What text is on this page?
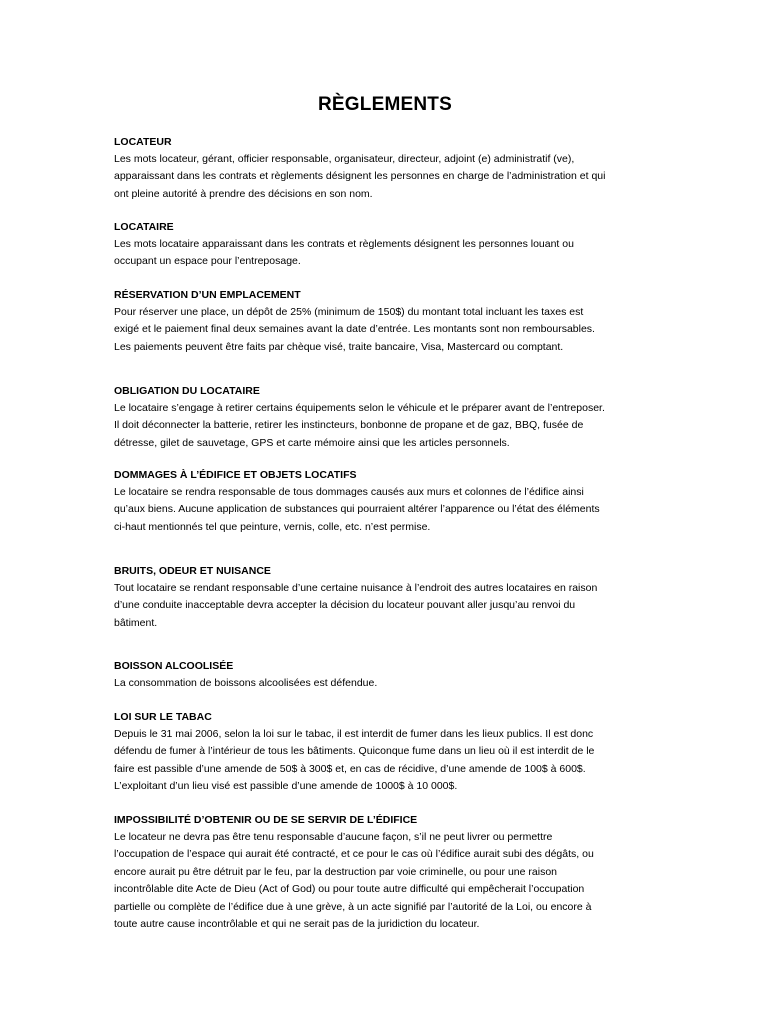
RÈGLEMENTS

LOCATEUR

Les mots locateur, gérant, officier responsable, organisateur, directeur, adjoint (e) administratif (ve),
apparaissant dans les contrats et règlements désignent les personnes en charge de l’administration et qui
ont pleine autorité à prendre des décisions en son nom.

LOCATAIRE

Les mots locataire apparaissant dans les contrats et règlements désignent les personnes louant ou
occupant un espace pour l’entreposage.

RÉSERVATION D’UN EMPLACEMENT

Pour réserver une place, un dépôt de 25% (minimum de 150$) du montant total incluant les taxes est
exigé et le paiement final deux semaines avant la date d’entrée. Les montants sont non remboursables.
Les paiements peuvent être faits par chèque visé, traite bancaire, Visa, Mastercard ou comptant.

OBLIGATION DU LOCATAIRE

Le locataire s’engage à retirer certains équipements selon le véhicule et le préparer avant de l’entreposer.
Il doit déconnecter la batterie, retirer les instincteurs, bonbonne de propane et de gaz, BBQ, fusée de
détresse, gilet de sauvetage, GPS et carte mémoire ainsi que les articles personnels.

DOMMAGES À L’ÉDIFICE ET OBJETS LOCATIFS

Le locataire se rendra responsable de tous dommages causés aux murs et colonnes de l’édifice ainsi
qu’aux biens. Aucune application de substances qui pourraient altérer l’apparence ou l’état des éléments
ci-haut mentionnés tel que peinture, vernis, colle, etc. n’est permise.

BRUITS, ODEUR ET NUISANCE

Tout locataire se rendant responsable d’une certaine nuisance à l’endroit des autres locataires en raison
d’une conduite inacceptable devra accepter la décision du locateur pouvant aller jusqu’au renvoi du
bâtiment.

BOISSON ALCOOLISÉE

La consommation de boissons alcoolisées est défendue.

LOI SUR LE TABAC

Depuis le 31 mai 2006, selon la loi sur le tabac, il est interdit de fumer dans les lieux publics. Il est donc
défendu de fumer à l’intérieur de tous les bâtiments. Quiconque fume dans un lieu où il est interdit de le
faire est passible d’une amende de 50$ à 300$ et, en cas de récidive, d’une amende de 100$ à 600$.
L’exploitant d’un lieu visé est passible d’une amende de 1000$ à 10 000$.

IMPOSSIBILITÉ D’OBTENIR OU DE SE SERVIR DE L’ÉDIFICE

Le locateur ne devra pas être tenu responsable d’aucune façon, s’il ne peut livrer ou permettre
l’occupation de l’espace qui aurait été contracté, et ce pour le cas où l’édifice aurait subi des dégâts, ou
encore aurait pu être détruit par le feu, par la destruction par voie criminelle, ou pour une raison
incontrôlable dite Acte de Dieu (Act of God) ou pour toute autre difficulté qui empêcherait l’occupation
partielle ou complète de l’édifice due à une grève, à un acte signifié par l’autorité de la Loi, ou encore à
toute autre cause incontrôlable et qui ne serait pas de la juridiction du locateur.
